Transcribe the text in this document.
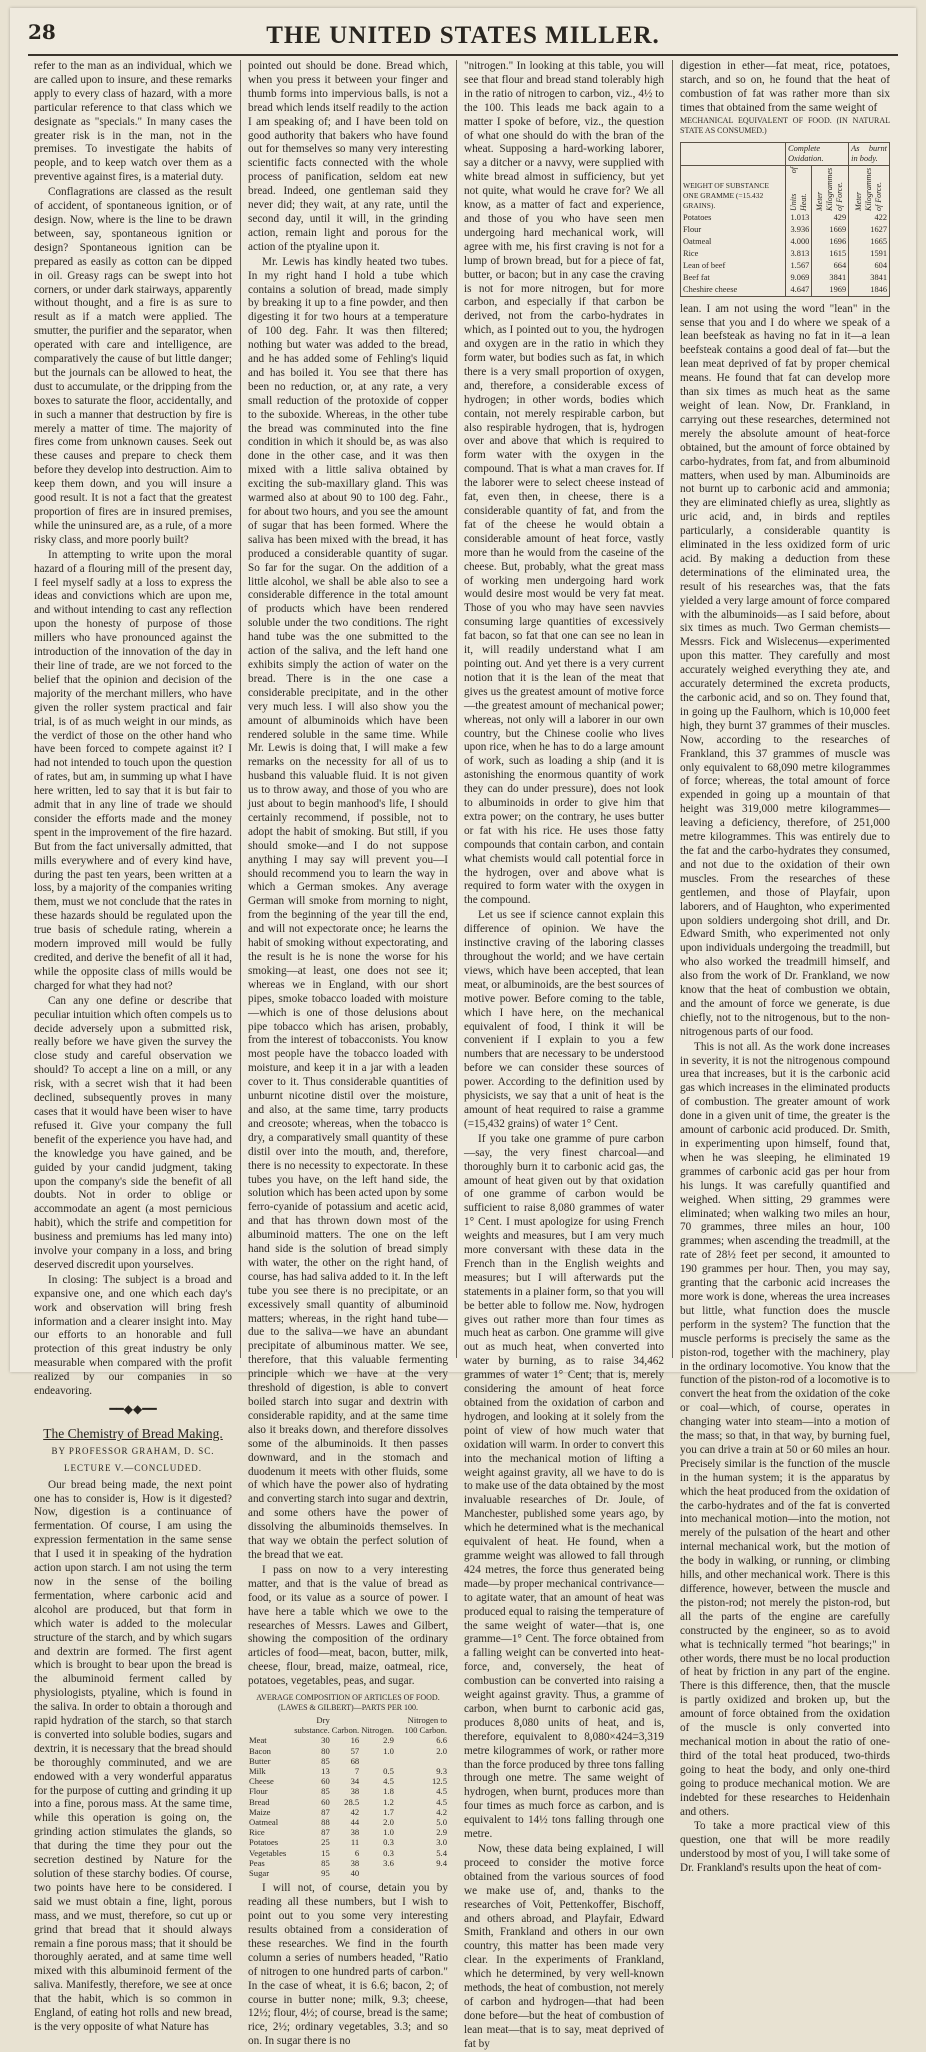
28	THE UNITED STATES MILLER.

refer to the man as an individual, which we are called upon to insure, and these remarks apply to every class of hazard, with a more particular reference to that class which we designate as "specials." In many cases the greater risk is in the man, not in the premises. To investigate the habits of people, and to keep watch over them as a preventive against fires, is a material duty.

Conflagrations are classed as the result of accident, of spontaneous ignition, or of design. Now, where is the line to be drawn between, say, spontaneous ignition or design? Spontaneous ignition can be prepared as easily as cotton can be dipped in oil. Greasy rags can be swept into hot corners, or under dark stairways, apparently without thought, and a fire is as sure to result as if a match were applied. The smutter, the purifier and the separator, when operated with care and intelligence, are comparatively the cause of but little danger; but the journals can be allowed to heat, the dust to accumulate, or the dripping from the boxes to saturate the floor, accidentally, and in such a manner that destruction by fire is merely a matter of time. The majority of fires come from unknown causes. Seek out these causes and prepare to check them before they develop into destruction. Aim to keep them down, and you will insure a good result. It is not a fact that the greatest proportion of fires are in insured premises, while the uninsured are, as a rule, of a more risky class, and more poorly built?

In attempting to write upon the moral hazard of a flouring mill of the present day, I feel myself sadly at a loss to express the ideas and convictions which are upon me, and without intending to cast any reflection upon the honesty of purpose of those millers who have pronounced against the introduction of the innovation of the day in their line of trade, are we not forced to the belief that the opinion and decision of the majority of the merchant millers, who have given the roller system practical and fair trial, is of as much weight in our minds, as the verdict of those on the other hand who have been forced to compete against it? I had not intended to touch upon the question of rates, but am, in summing up what I have here written, led to say that it is but fair to admit that in any line of trade we should consider the efforts made and the money spent in the improvement of the fire hazard. But from the fact universally admitted, that mills everywhere and of every kind have, during the past ten years, been written at a loss, by a majority of the companies writing them, must we not conclude that the rates in these hazards should be regulated upon the true basis of schedule rating, wherein a modern improved mill would be fully credited, and derive the benefit of all it had, while the opposite class of mills would be charged for what they had not?

Can any one define or describe that peculiar intuition which often compels us to decide adversely upon a submitted risk, really before we have given the survey the close study and careful observation we should? To accept a line on a mill, or any risk, with a secret wish that it had been declined, subsequently proves in many cases that it would have been wiser to have refused it. Give your company the full benefit of the experience you have had, and the knowledge you have gained, and be guided by your candid judgment, taking upon the company's side the benefit of all doubts. Not in order to oblige or accommodate an agent (a most pernicious habit), which the strife and competition for business and premiums has led many into) involve your company in a loss, and bring deserved discredit upon yourselves.

In closing: The subject is a broad and expansive one, and one which each day's work and observation will bring fresh information and a clearer insight into. May our efforts to an honorable and full protection of this great industry be only measurable when compared with the profit realized by our companies in so endeavoring.

━━◆◆━━
The Chemistry of Bread Making.
BY PROFESSOR GRAHAM, D. SC.
LECTURE V.—CONCLUDED.

Our bread being made, the next point one has to consider is, How is it digested? Now, digestion is a continuance of fermentation. Of course, I am using the expression fermentation in the same sense that I used it in speaking of the hydration action upon starch. I am not using the term now in the sense of the boiling fermentation, where carbonic acid and alcohol are produced, but that form in which water is added to the molecular structure of the starch, and by which sugars and dextrin are formed. The first agent which is brought to bear upon the bread is the albuminoid ferment called by physiologists, ptyaline, which is found in the saliva. In order to obtain a thorough and rapid hydration of the starch, so that starch is converted into soluble bodies, sugars and dextrin, it is necessary that the bread should be thoroughly comminuted, and we are endowed with a very wonderful apparatus for the purpose of cutting and grinding it up into a fine, porous mass. At the same time, while this operation is going on, the grinding action stimulates the glands, so that during the time they pour out the secretion destined by Nature for the solution of these starchy bodies. Of course, two points have here to be considered. I said we must obtain a fine, light, porous mass, and we must, therefore, so cut up or grind that bread that it should always remain a fine porous mass; that it should be thoroughly aerated, and at same time well mixed with this albuminoid ferment of the saliva. Manifestly, therefore, we see at once that the habit, which is so common in England, of eating hot rolls and new bread, is the very opposite of what Nature has

pointed out should be done. Bread which, when you press it between your finger and thumb forms into impervious balls, is not a bread which lends itself readily to the action I am speaking of; and I have been told on good authority that bakers who have found out for themselves so many very interesting scientific facts connected with the whole process of panification, seldom eat new bread. Indeed, one gentleman said they never did; they wait, at any rate, until the second day, until it will, in the grinding action, remain light and porous for the action of the ptyaline upon it.

Mr. Lewis has kindly heated two tubes. In my right hand I hold a tube which contains a solution of bread, made simply by breaking it up to a fine powder, and then digesting it for two hours at a temperature of 100 deg. Fahr. It was then filtered; nothing but water was added to the bread, and he has added some of Fehling's liquid and has boiled it. You see that there has been no reduction, or, at any rate, a very small reduction of the protoxide of copper to the suboxide. Whereas, in the other tube the bread was comminuted into the fine condition in which it should be, as was also done in the other case, and it was then mixed with a little saliva obtained by exciting the sub-maxillary gland. This was warmed also at about 90 to 100 deg. Fahr., for about two hours, and you see the amount of sugar that has been formed. Where the saliva has been mixed with the bread, it has produced a considerable quantity of sugar. So far for the sugar. On the addition of a little alcohol, we shall be able also to see a considerable difference in the total amount of products which have been rendered soluble under the two conditions. The right hand tube was the one submitted to the action of the saliva, and the left hand one exhibits simply the action of water on the bread. There is in the one case a considerable precipitate, and in the other very much less. I will also show you the amount of albuminoids which have been rendered soluble in the same time. While Mr. Lewis is doing that, I will make a few remarks on the necessity for all of us to husband this valuable fluid. It is not given us to throw away, and those of you who are just about to begin manhood's life, I should certainly recommend, if possible, not to adopt the habit of smoking. But still, if you should smoke—and I do not suppose anything I may say will prevent you—I should recommend you to learn the way in which a German smokes. Any average German will smoke from morning to night, from the beginning of the year till the end, and will not expectorate once; he learns the habit of smoking without expectorating, and the result is he is none the worse for his smoking—at least, one does not see it; whereas we in England, with our short pipes, smoke tobacco loaded with moisture—which is one of those delusions about pipe tobacco which has arisen, probably, from the interest of tobacconists. You know most people have the tobacco loaded with moisture, and keep it in a jar with a leaden cover to it. Thus considerable quantities of unburnt nicotine distil over the moisture, and also, at the same time, tarry products and creosote; whereas, when the tobacco is dry, a comparatively small quantity of these distil over into the mouth, and, therefore, there is no necessity to expectorate. In these tubes you have, on the left hand side, the solution which has been acted upon by some ferro-cyanide of potassium and acetic acid, and that has thrown down most of the albuminoid matters. The one on the left hand side is the solution of bread simply with water, the other on the right hand, of course, has had saliva added to it. In the left tube you see there is no precipitate, or an excessively small quantity of albuminoid matters; whereas, in the right hand tube—due to the saliva—we have an abundant precipitate of albuminous matter. We see, therefore, that this valuable fermenting principle which we have at the very threshold of digestion, is able to convert boiled starch into sugar and dextrin with considerable rapidity, and at the same time also it breaks down, and therefore dissolves some of the albuminoids. It then passes downward, and in the stomach and duodenum it meets with other fluids, some of which have the power also of hydrating and converting starch into sugar and dextrin, and some others have the power of dissolving the albuminoids themselves. In that way we obtain the perfect solution of the bread that we eat.

I pass on now to a very interesting matter, and that is the value of bread as food, or its value as a source of power. I have here a table which we owe to the researches of Messrs. Lawes and Gilbert, showing the composition of the ordinary articles of food—meat, bacon, butter, milk, cheese, flour, bread, maize, oatmeal, rice, potatoes, vegetables, peas, and sugar.

AVERAGE COMPOSITION OF ARTICLES OF FOOD. (LAWES & GILBERT)—PARTS PER 100.
	Dry substance.	Carbon.	Nitrogen.	Nitrogen to 100 Carbon.
Meat	30	16	2.9	6.6
Bacon	80	57	1.0	2.0
Butter	85	68		
Milk	13	7	0.5	9.3
Cheese	60	34	4.5	12.5
Flour	85	38	1.8	4.5
Bread	60	28.5	1.2	4.5
Maize	87	42	1.7	4.2
Oatmeal	88	44	2.0	5.0
Rice	87	38	1.0	2.9
Potatoes	25	11	0.3	3.0
Vegetables	15	6	0.3	5.4
Peas	85	38	3.6	9.4
Sugar	95	40		

I will not, of course, detain you by reading all these numbers, but I wish to point out to you some very interesting results obtained from a consideration of these researches. We find in the fourth column a series of numbers headed, "Ratio of nitrogen to one hundred parts of carbon." In the case of wheat, it is 6.6; bacon, 2; of course in butter none; milk, 9.3; cheese, 12½; flour, 4½; of course, bread is the same; rice, 2½; ordinary vegetables, 3.3; and so on. In sugar there is no

"nitrogen." In looking at this table, you will see that flour and bread stand tolerably high in the ratio of nitrogen to carbon, viz., 4½ to the 100. This leads me back again to a matter I spoke of before, viz., the question of what one should do with the bran of the wheat. Supposing a hard-working laborer, say a ditcher or a navvy, were supplied with white bread almost in sufficiency, but yet not quite, what would he crave for? We all know, as a matter of fact and experience, and those of you who have seen men undergoing hard mechanical work, will agree with me, his first craving is not for a lump of brown bread, but for a piece of fat, butter, or bacon; but in any case the craving is not for more nitrogen, but for more carbon, and especially if that carbon be derived, not from the carbo-hydrates in which, as I pointed out to you, the hydrogen and oxygen are in the ratio in which they form water, but bodies such as fat, in which there is a very small proportion of oxygen, and, therefore, a considerable excess of hydrogen; in other words, bodies which contain, not merely respirable carbon, but also respirable hydrogen, that is, hydrogen over and above that which is required to form water with the oxygen in the compound. That is what a man craves for. If the laborer were to select cheese instead of fat, even then, in cheese, there is a considerable quantity of fat, and from the fat of the cheese he would obtain a considerable amount of heat force, vastly more than he would from the caseine of the cheese. But, probably, what the great mass of working men undergoing hard work would desire most would be very fat meat. Those of you who may have seen navvies consuming large quantities of excessively fat bacon, so fat that one can see no lean in it, will readily understand what I am pointing out. And yet there is a very current notion that it is the lean of the meat that gives us the greatest amount of motive force—the greatest amount of mechanical power; whereas, not only will a laborer in our own country, but the Chinese coolie who lives upon rice, when he has to do a large amount of work, such as loading a ship (and it is astonishing the enormous quantity of work they can do under pressure), does not look to albuminoids in order to give him that extra power; on the contrary, he uses butter or fat with his rice. He uses those fatty compounds that contain carbon, and contain what chemists would call potential force in the hydrogen, over and above what is required to form water with the oxygen in the compound.

Let us see if science cannot explain this difference of opinion. We have the instinctive craving of the laboring classes throughout the world; and we have certain views, which have been accepted, that lean meat, or albuminoids, are the best sources of motive power. Before coming to the table, which I have here, on the mechanical equivalent of food, I think it will be convenient if I explain to you a few numbers that are necessary to be understood before we can consider these sources of power. According to the definition used by physicists, we say that a unit of heat is the amount of heat required to raise a gramme (=15,432 grains) of water 1° Cent.

If you take one gramme of pure carbon—say, the very finest charcoal—and thoroughly burn it to carbonic acid gas, the amount of heat given out by that oxidation of one gramme of carbon would be sufficient to raise 8,080 grammes of water 1° Cent. I must apologize for using French weights and measures, but I am very much more conversant with these data in the French than in the English weights and measures; but I will afterwards put the statements in a plainer form, so that you will be better able to follow me. Now, hydrogen gives out rather more than four times as much heat as carbon. One gramme will give out as much heat, when converted into water by burning, as to raise 34,462 grammes of water 1° Cent; that is, merely considering the amount of heat force obtained from the oxidation of carbon and hydrogen, and looking at it solely from the point of view of how much water that oxidation will warm. In order to convert this into the mechanical motion of lifting a weight against gravity, all we have to do is to make use of the data obtained by the most invaluable researches of Dr. Joule, of Manchester, published some years ago, by which he determined what is the mechanical equivalent of heat. He found, when a gramme weight was allowed to fall through 424 metres, the force thus generated being made—by proper mechanical contrivance—to agitate water, that an amount of heat was produced equal to raising the temperature of the same weight of water—that is, one gramme—1° Cent. The force obtained from a falling weight can be converted into heat-force, and, conversely, the heat of combustion can be converted into raising a weight against gravity. Thus, a gramme of carbon, when burnt to carbonic acid gas, produces 8,080 units of heat, and is, therefore, equivalent to 8,080×424=3,319 metre kilogrammes of work, or rather more than the force produced by three tons falling through one metre. The same weight of hydrogen, when burnt, produces more than four times as much force as carbon, and is equivalent to 14½ tons falling through one metre.

Now, these data being explained, I will proceed to consider the motive force obtained from the various sources of food we make use of, and, thanks to the researches of Voit, Pettenkoffer, Bischoff, and others abroad, and Playfair, Edward Smith, Frankland and others in our own country, this matter has been made very clear. In the experiments of Frankland, which he determined, by very well-known methods, the heat of combustion, not merely of carbon and hydrogen—that had been done before—but the heat of combustion of lean meat—that is to say, meat deprived of fat by

digestion in ether—fat meat, rice, potatoes, starch, and so on, he found that the heat of combustion of fat was rather more than six times that obtained from the same weight of

MECHANICAL EQUIVALENT OF FOOD. (IN NATURAL STATE AS CONSUMED.)
	Complete Oxidation.		As burnt in body.
WEIGHT OF SUBSTANCE ONE GRAMME (=15.432 GRAINS).	Units of Heat.	Meter Kilogrammes of Force.	Meter Kilogrammes of Force.

Potatoes	1.013	429	422
Flour	3.936	1669	1627
Oatmeal	4.000	1696	1665
Rice	3.813	1615	1591
Lean of beef	1.567	664	604
Beef fat	9.069	3841	3841
Cheshire cheese	4.647	1969	1846

lean. I am not using the word "lean" in the sense that you and I do where we speak of a lean beefsteak as having no fat in it—a lean beefsteak contains a good deal of fat—but the lean meat deprived of fat by proper chemical means. He found that fat can develop more than six times as much heat as the same weight of lean. Now, Dr. Frankland, in carrying out these researches, determined not merely the absolute amount of heat-force obtained, but the amount of force obtained by carbo-hydrates, from fat, and from albuminoid matters, when used by man. Albuminoids are not burnt up to carbonic acid and ammonia; they are eliminated chiefly as urea, slightly as uric acid, and, in birds and reptiles particularly, a considerable quantity is eliminated in the less oxidized form of uric acid. By making a deduction from these determinations of the eliminated urea, the result of his researches was, that the fats yielded a very large amount of force compared with the albuminoids—as I said before, about six times as much. Two German chemists—Messrs. Fick and Wislecenus—experimented upon this matter. They carefully and most accurately weighed everything they ate, and accurately determined the excreta products, the carbonic acid, and so on. They found that, in going up the Faulhorn, which is 10,000 feet high, they burnt 37 grammes of their muscles. Now, according to the researches of Frankland, this 37 grammes of muscle was only equivalent to 68,090 metre kilogrammes of force; whereas, the total amount of force expended in going up a mountain of that height was 319,000 metre kilogrammes—leaving a deficiency, therefore, of 251,000 metre kilogrammes. This was entirely due to the fat and the carbo-hydrates they consumed, and not due to the oxidation of their own muscles. From the researches of these gentlemen, and those of Playfair, upon laborers, and of Haughton, who experimented upon soldiers undergoing shot drill, and Dr. Edward Smith, who experimented not only upon individuals undergoing the treadmill, but who also worked the treadmill himself, and also from the work of Dr. Frankland, we now know that the heat of combustion we obtain, and the amount of force we generate, is due chiefly, not to the nitrogenous, but to the non-nitrogenous parts of our food.

This is not all. As the work done increases in severity, it is not the nitrogenous compound urea that increases, but it is the carbonic acid gas which increases in the eliminated products of combustion. The greater amount of work done in a given unit of time, the greater is the amount of carbonic acid produced. Dr. Smith, in experimenting upon himself, found that, when he was sleeping, he eliminated 19 grammes of carbonic acid gas per hour from his lungs. It was carefully quantified and weighed. When sitting, 29 grammes were eliminated; when walking two miles an hour, 70 grammes, three miles an hour, 100 grammes; when ascending the treadmill, at the rate of 28½ feet per second, it amounted to 190 grammes per hour. Then, you may say, granting that the carbonic acid increases the more work is done, whereas the urea increases but little, what function does the muscle perform in the system? The function that the muscle performs is precisely the same as the piston-rod, together with the machinery, play in the ordinary locomotive. You know that the function of the piston-rod of a locomotive is to convert the heat from the oxidation of the coke or coal—which, of course, operates in changing water into steam—into a motion of the mass; so that, in that way, by burning fuel, you can drive a train at 50 or 60 miles an hour. Precisely similar is the function of the muscle in the human system; it is the apparatus by which the heat produced from the oxidation of the carbo-hydrates and of the fat is converted into mechanical motion—into the motion, not merely of the pulsation of the heart and other internal mechanical work, but the motion of the body in walking, or running, or climbing hills, and other mechanical work. There is this difference, however, between the muscle and the piston-rod; not merely the piston-rod, but all the parts of the engine are carefully constructed by the engineer, so as to avoid what is technically termed "hot bearings;" in other words, there must be no local production of heat by friction in any part of the engine. There is this difference, then, that the muscle is partly oxidized and broken up, but the amount of force obtained from the oxidation of the muscle is only converted into mechanical motion in about the ratio of one-third of the total heat produced, two-thirds going to heat the body, and only one-third going to produce mechanical motion. We are indebted for these researches to Heidenhain and others.

To take a more practical view of this question, one that will be more readily understood by most of you, I will take some of Dr. Frankland's results upon the heat of com-
